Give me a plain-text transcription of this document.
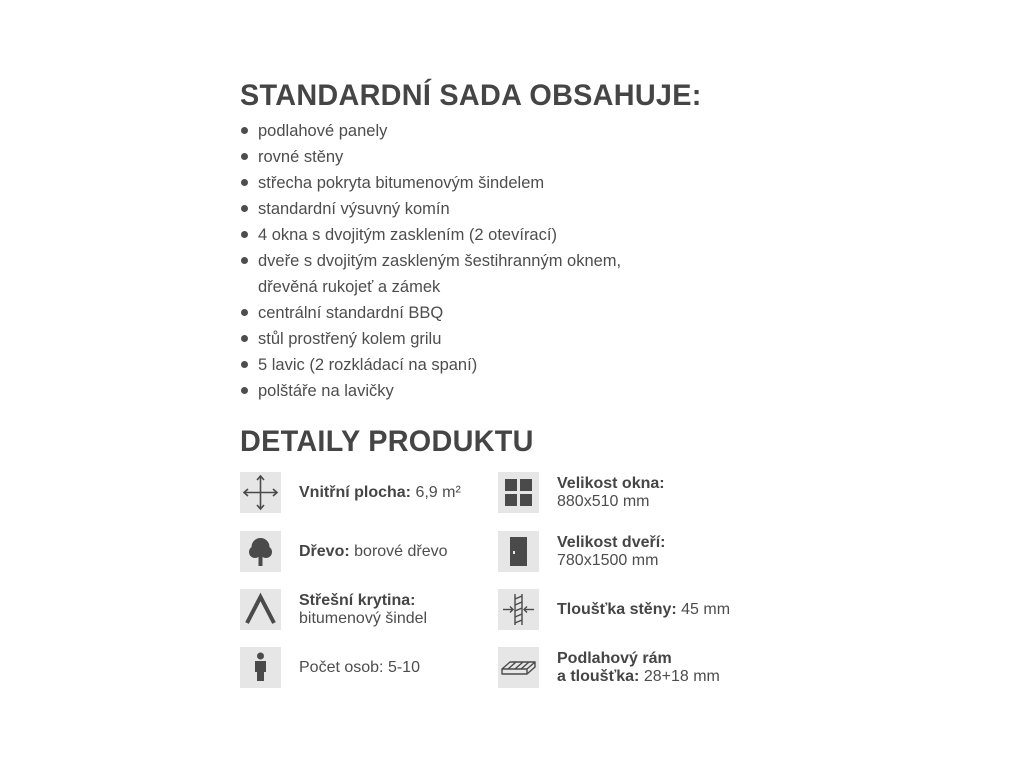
STANDARDNÍ SADA OBSAHUJE:
podlahové panely
rovné stěny
střecha pokryta bitumenovým šindelem
standardní výsuvný komín
4 okna s dvojitým zasklením (2 otevírací)
dveře s dvojitým zaskleným šestihranným oknem,
dřevěná rukojeť a zámek
centrální standardní BBQ
stůl prostřený kolem grilu
5 lavic (2 rozkládací na spaní)
polštáře na lavičky
DETAILY PRODUKTU
Vnitřní plocha: 6,9 m²
Velikost okna:
880x510 mm
Dřevo: borové dřevo
Velikost dveří:
780x1500 mm
Střešní krytina:
bitumenový šindel
Tloušťka stěny: 45 mm
Počet osob: 5-10
Podlahový rám
a tloušťka: 28+18 mm
